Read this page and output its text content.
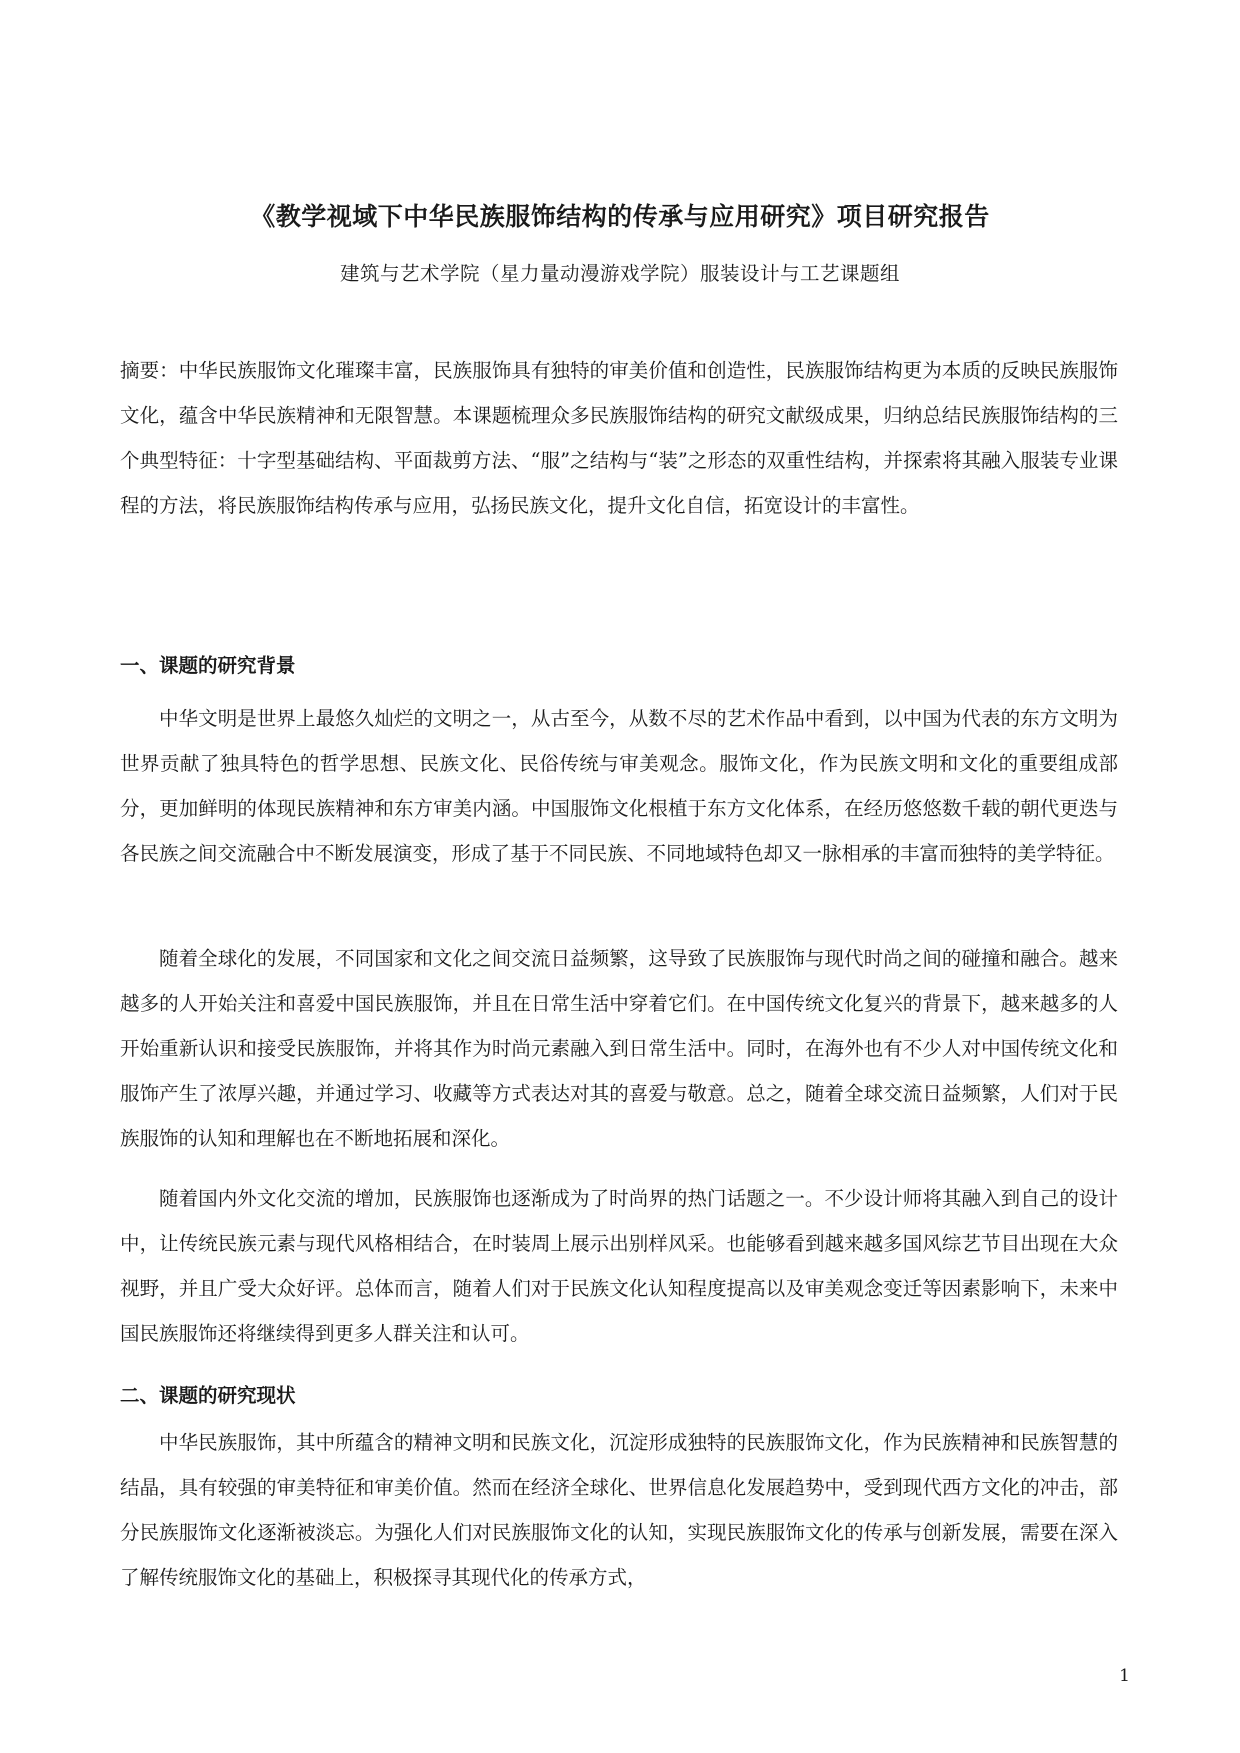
《教学视域下中华民族服饰结构的传承与应用研究》项目研究报告
建筑与艺术学院（星力量动漫游戏学院）服装设计与工艺课题组

摘要：中华民族服饰文化璀璨丰富，民族服饰具有独特的审美价值和创造性，民族服饰结构更为本质的反映民族服饰文化，蕴含中华民族精神和无限智慧。本课题梳理众多民族服饰结构的研究文献级成果，归纳总结民族服饰结构的三个典型特征：十字型基础结构、平面裁剪方法、“服”之结构与“装”之形态的双重性结构，并探索将其融入服装专业课程的方法，将民族服饰结构传承与应用，弘扬民族文化，提升文化自信，拓宽设计的丰富性。

一、课题的研究背景

中华文明是世界上最悠久灿烂的文明之一，从古至今，从数不尽的艺术作品中看到，以中国为代表的东方文明为世界贡献了独具特色的哲学思想、民族文化、民俗传统与审美观念。服饰文化，作为民族文明和文化的重要组成部分，更加鲜明的体现民族精神和东方审美内涵。中国服饰文化根植于东方文化体系，在经历悠悠数千载的朝代更迭与各民族之间交流融合中不断发展演变，形成了基于不同民族、不同地域特色却又一脉相承的丰富而独特的美学特征。

随着全球化的发展，不同国家和文化之间交流日益频繁，这导致了民族服饰与现代时尚之间的碰撞和融合。越来越多的人开始关注和喜爱中国民族服饰，并且在日常生活中穿着它们。在中国传统文化复兴的背景下，越来越多的人开始重新认识和接受民族服饰，并将其作为时尚元素融入到日常生活中。同时，在海外也有不少人对中国传统文化和服饰产生了浓厚兴趣，并通过学习、收藏等方式表达对其的喜爱与敬意。总之，随着全球交流日益频繁，人们对于民族服饰的认知和理解也在不断地拓展和深化。

随着国内外文化交流的增加，民族服饰也逐渐成为了时尚界的热门话题之一。不少设计师将其融入到自己的设计中，让传统民族元素与现代风格相结合，在时装周上展示出别样风采。也能够看到越来越多国风综艺节目出现在大众视野，并且广受大众好评。总体而言，随着人们对于民族文化认知程度提高以及审美观念变迁等因素影响下，未来中国民族服饰还将继续得到更多人群关注和认可。

二、课题的研究现状

中华民族服饰，其中所蕴含的精神文明和民族文化，沉淀形成独特的民族服饰文化，作为民族精神和民族智慧的结晶，具有较强的审美特征和审美价值。然而在经济全球化、世界信息化发展趋势中，受到现代西方文化的冲击，部分民族服饰文化逐渐被淡忘。为强化人们对民族服饰文化的认知，实现民族服饰文化的传承与创新发展，需要在深入了解传统服饰文化的基础上，积极探寻其现代化的传承方式，

1
